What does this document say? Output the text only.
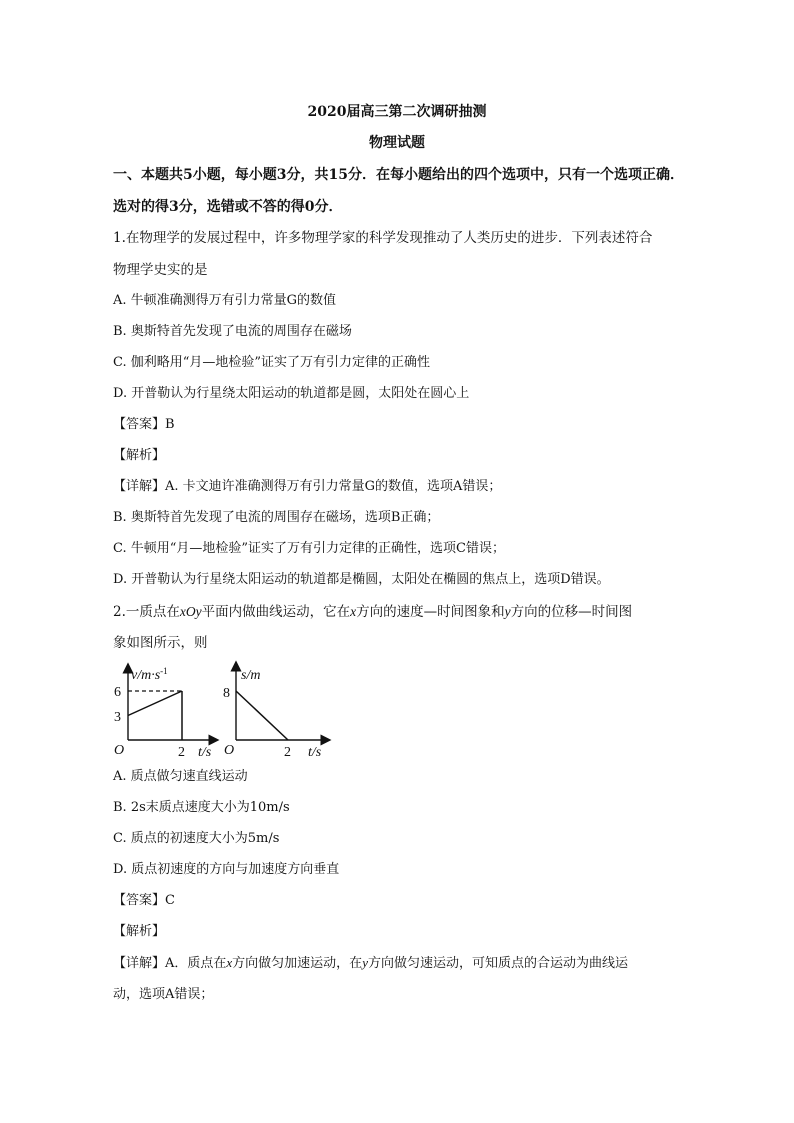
2020届高三第二次调研抽测
物理试题
一、本题共5小题，每小题3分，共15分．在每小题给出的四个选项中，只有一个选项正确．
选对的得3分，选错或不答的得0分．
1.在物理学的发展过程中，许多物理学家的科学发现推动了人类历史的进步．下列表述符合
物理学史实的是
A. 牛顿准确测得万有引力常量G的数值
B. 奥斯特首先发现了电流的周围存在磁场
C. 伽利略用“月—地检验”证实了万有引力定律的正确性
D. 开普勒认为行星绕太阳运动的轨道都是圆，太阳处在圆心上
【答案】B
【解析】
【详解】A. 卡文迪许准确测得万有引力常量G的数值，选项A错误；
B. 奥斯特首先发现了电流的周围存在磁场，选项B正确；
C. 牛顿用“月—地检验”证实了万有引力定律的正确性，选项C错误；
D. 开普勒认为行星绕太阳运动的轨道都是椭圆，太阳处在椭圆的焦点上，选项D错误。
2.一质点在xOy平面内做曲线运动，它在x方向的速度—时间图象和y方向的位移—时间图
象如图所示，则
$v/m\cdot s^{-1}$
6
3
O	2 t/s
s/m
8
O	2 t/s
A. 质点做匀速直线运动
B. 2s末质点速度大小为10m/s
C. 质点的初速度大小为5m/s
D. 质点初速度的方向与加速度方向垂直
【答案】C
【解析】
【详解】A．质点在x方向做匀加速运动，在y方向做匀速运动，可知质点的合运动为曲线运
动，选项A错误；
